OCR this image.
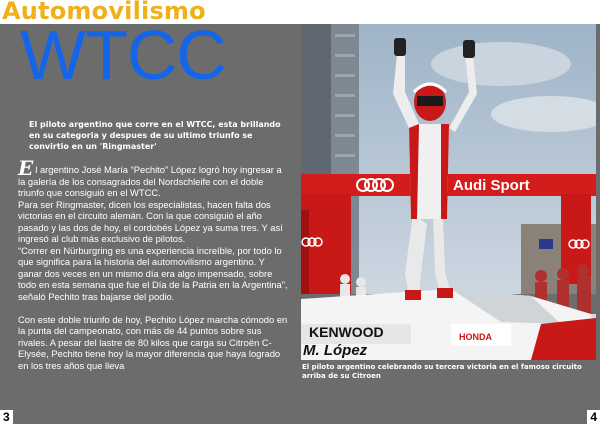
Automovilismo
WTCC
El piloto argentino que corre en el WTCC, esta brillando en su categoria y despues de su ultimo triunfo se convirtio en un 'Ringmaster'

El argentino José María “Pechito” López logró hoy ingresar a la galería de los consagrados del Nordschleife con el doble triunfo que consiguió en el WTCC.

Para ser Ringmaster, dicen los especialistas, hacen falta dos victorias en el circuito alemán. Con la que consiguió el año pasado y las dos de hoy, el cordobés López ya suma tres. Y así ingresó al club más exclusivo de pilotos.

“Correr en Nürburgring es una experiencia increíble, por todo lo que significa para la historia del automovilismo argentino. Y ganar dos veces en un mismo día era algo impensado, sobre todo en esta semana que fue el Día de la Patria en la Argentina”, señaló Pechito tras bajarse del podio.

Con este doble triunfo de hoy, Pechito López marcha cómodo en la punta del campeonato, con más de 44 puntos sobre sus rivales. A pesar del lastre de 80 kilos que carga su Citroën C-Elysée, Pechito tiene hoy la mayor diferencia que haya logrado en los tres años que lleva

Audi Sport
KENWOOD
M. López
HONDA
El piloto argentino celebrando su tercera victoria en el famoso circuito arriba de su Citroen
3	4
